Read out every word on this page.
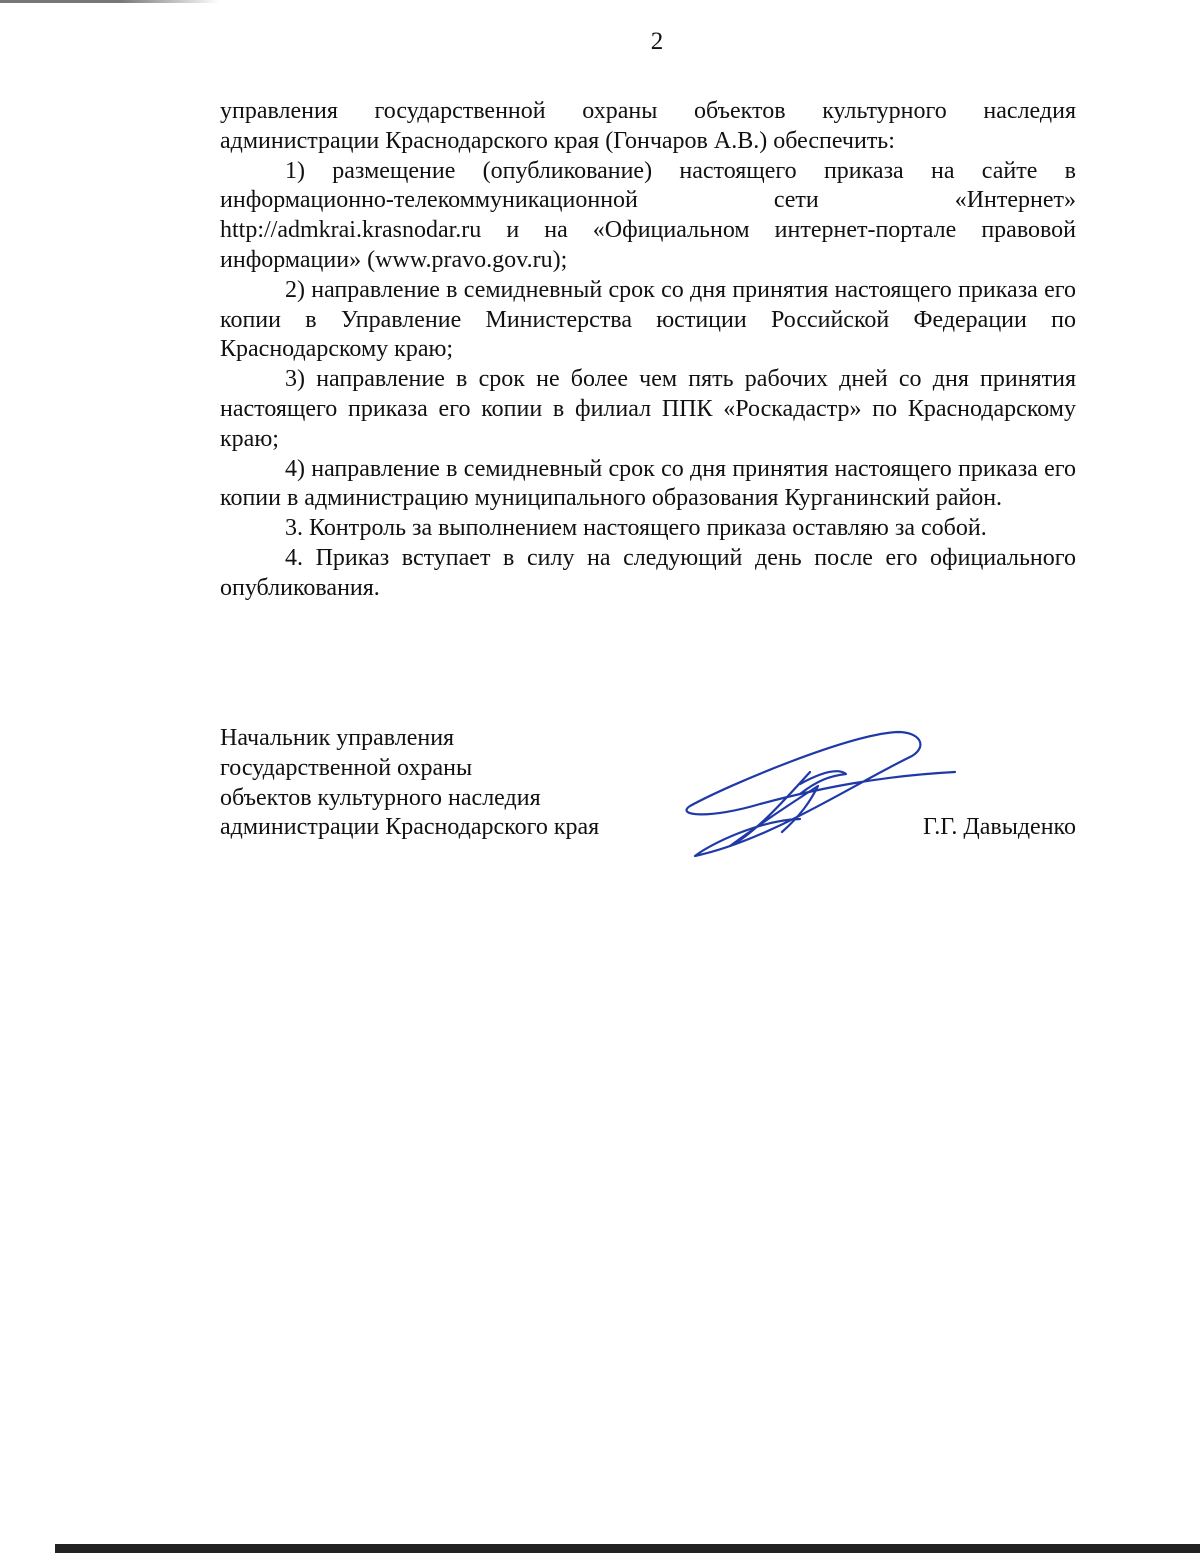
2

управления государственной охраны объектов культурного наследия администрации Краснодарского края (Гончаров А.В.) обеспечить:

1) размещение (опубликование) настоящего приказа на сайте в информационно-телекоммуникационной сети «Интернет» http://admkrai.krasnodar.ru и на «Официальном интернет-портале правовой информации» (www.pravo.gov.ru);

2) направление в семидневный срок со дня принятия настоящего приказа его копии в Управление Министерства юстиции Российской Федерации по Краснодарскому краю;

3) направление в срок не более чем пять рабочих дней со дня принятия настоящего приказа его копии в филиал ППК «Роскадастр» по Краснодарскому краю;

4) направление в семидневный срок со дня принятия настоящего приказа его копии в администрацию муниципального образования Курганинский район.

3. Контроль за выполнением настоящего приказа оставляю за собой.

4. Приказ вступает в силу на следующий день после его официального опубликования.

Начальник управления
государственной охраны
объектов культурного наследия
администрации Краснодарского края	Г.Г. Давыденко
